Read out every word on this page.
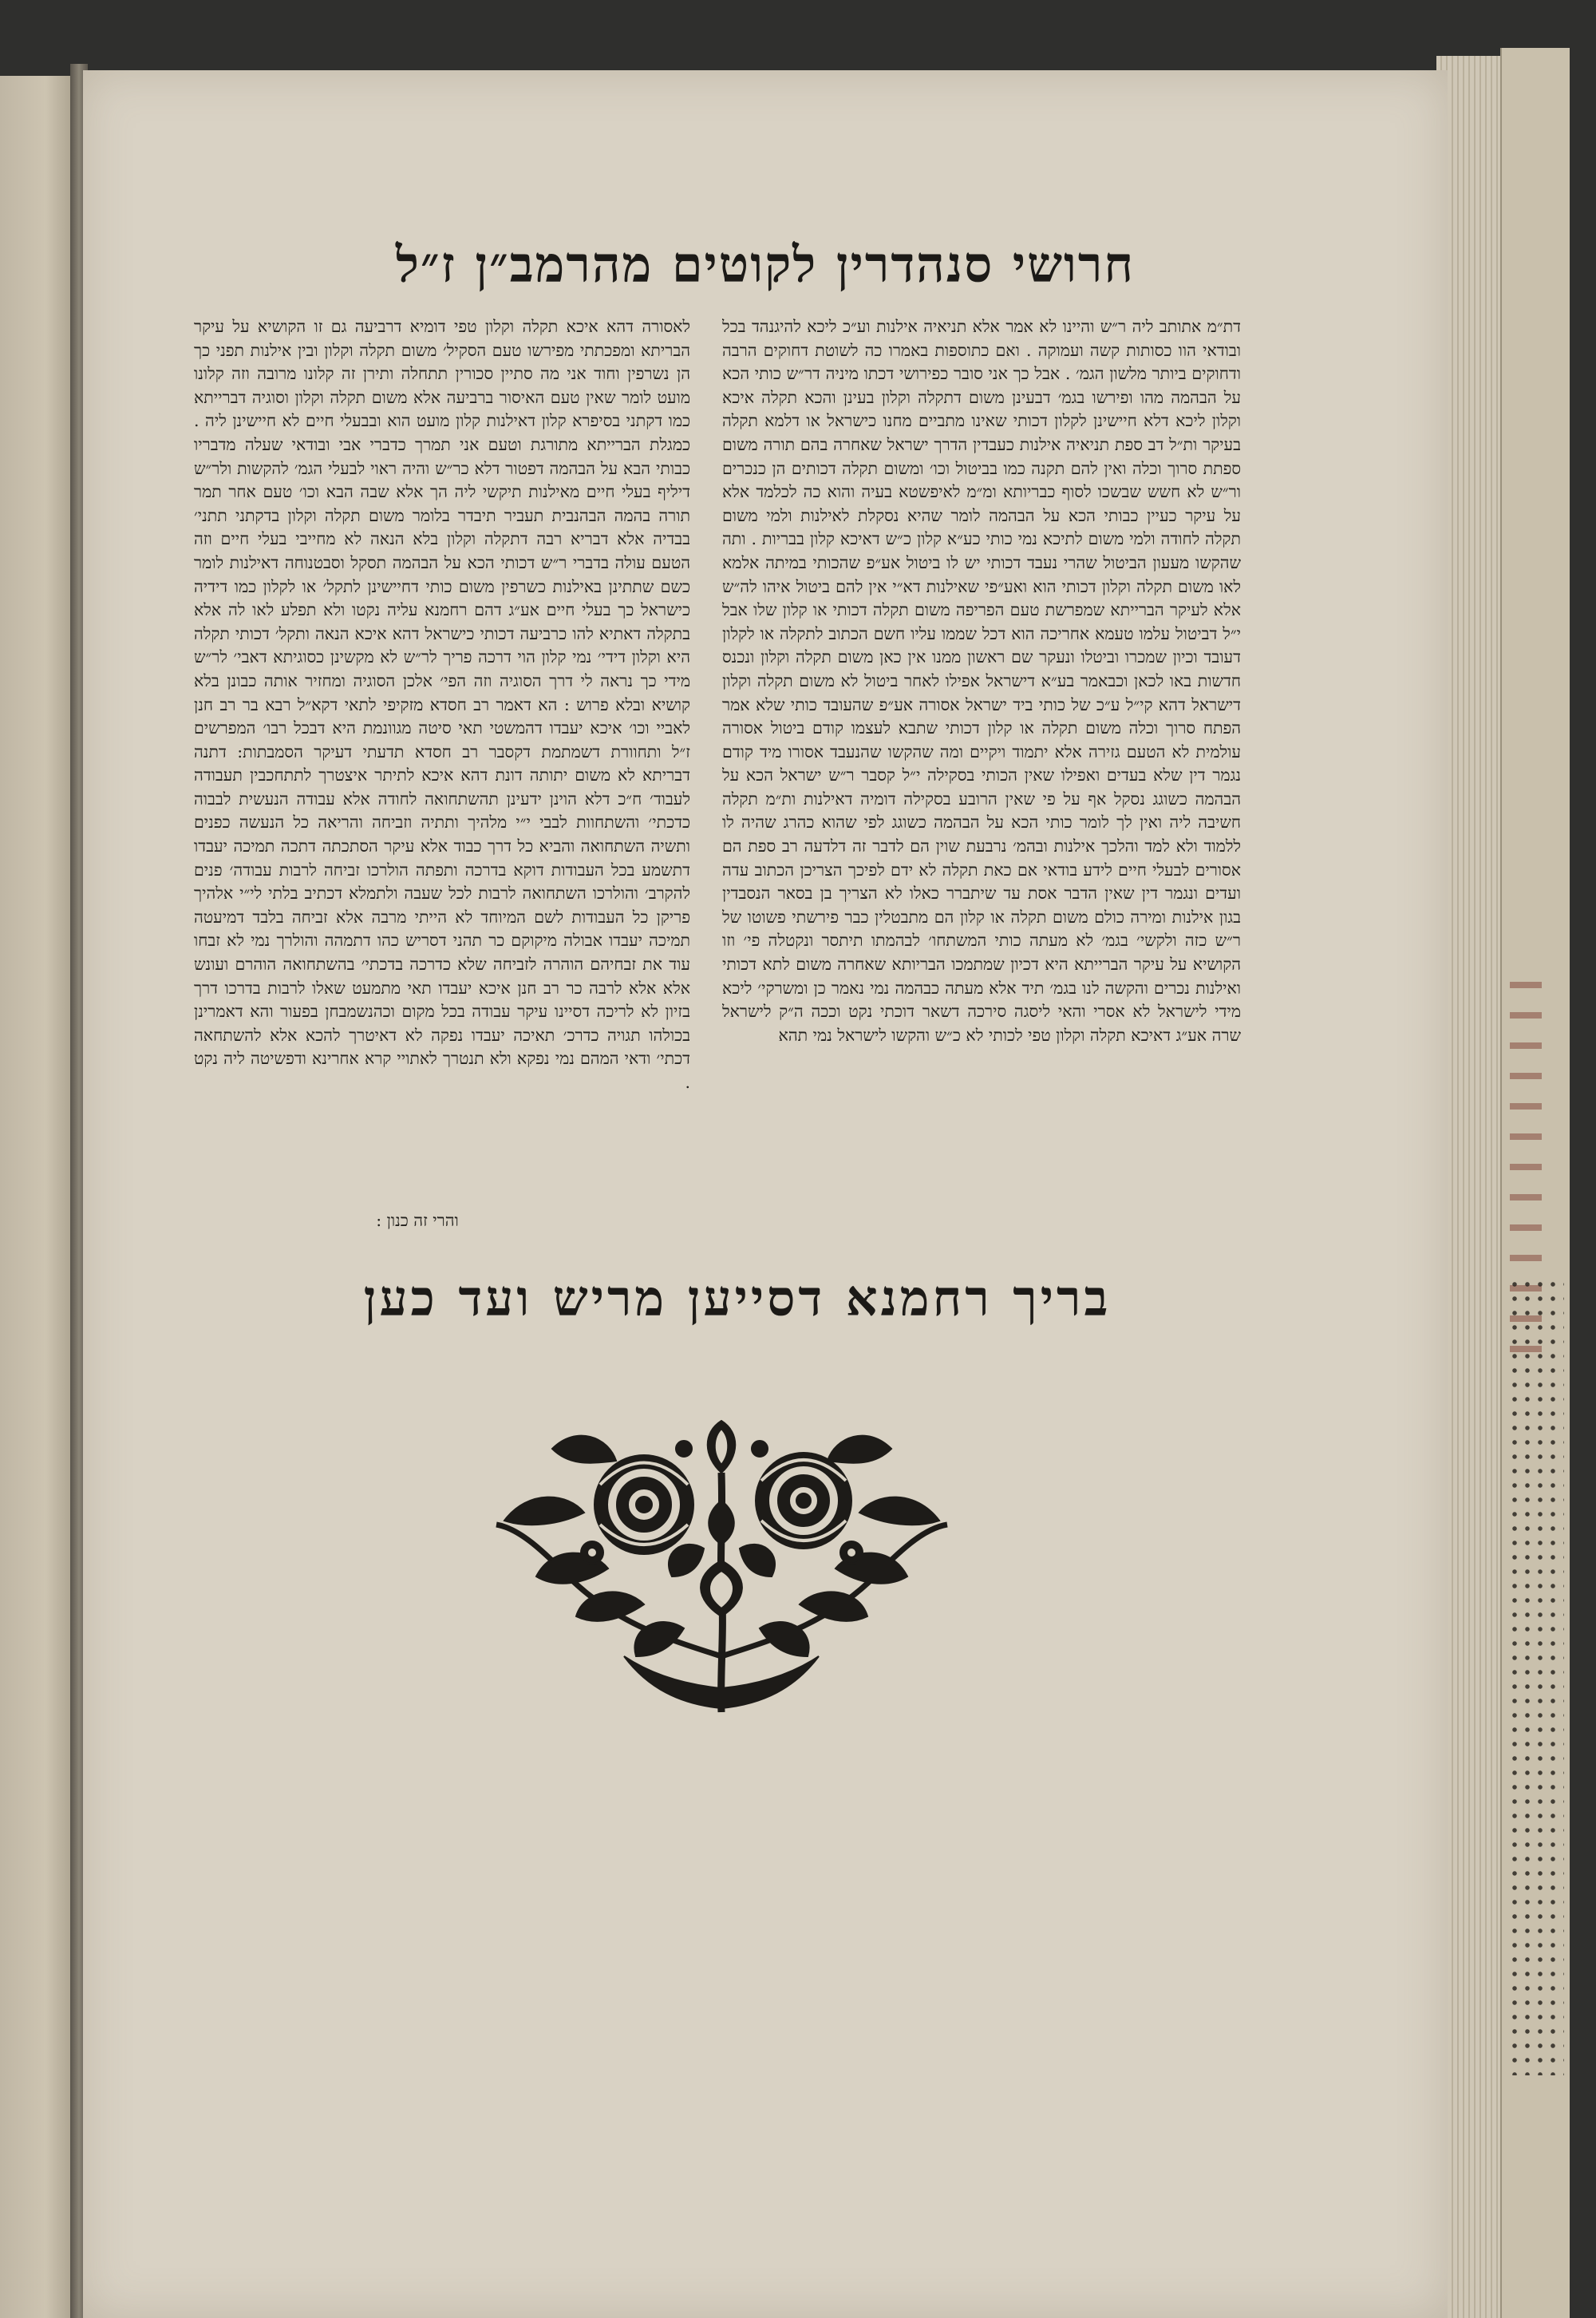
חרושי סנהדרין לקוטים מהרמב״ן ז״ל
דת״מ אתותב ליה ר״ש והיינו לא אמר אלא תניאיה אילנות וע״כ ליכא להיגנהד בכל ובודאי הוו כסותות קשה ועמוקה . ואם כתוספות באמרו כה לשוטת דחוקים הרבה ודחוקים ביותר מלשון הגמ׳ . אבל כך אני סובר כפירושי דכתו מיניה דר״ש כותי הכא על הבהמה מהו ופירשו בגמ׳ דבעינן משום דתקלה וקלון בעינן והכא תקלה איכא וקלון ליכא דלא חיישינן לקלון דכותי שאינו מתביים מחנו כישראל או דלמא תקלה בעיקר ות״ל דב ספת תניאיה אילנות כעבדין הדרך ישראל שאחרה בהם תורה משום ספתת סרוך וכלה ואין להם תקנה כמו בביטול וכו׳ ומשום תקלה דכותים הן כנכרים ור״ש לא חשש שבשכו לסוף כבריותא ומ״מ לאיפשטא בעיה והוא כה לכלמד אלא על עיקר כעיין כבותי הכא על הבהמה לומר שהיא נסקלת לאילנות ולמי משום תקלה לחודה ולמי משום לתיכא נמי כותי כע״א קלון כ״ש דאיכא קלון בבריות . ותה שהקשו מעעון הביטול שהרי נעבד דכותי יש לו ביטול אע״פ שהכותי במיתה אלמא לאו משום תקלה וקלון דכותי הוא ואע״פי שאילנות דא״י אין להם ביטול איהו לה״ש אלא לעיקר הברייתא שמפרשת טעם הפריפה משום תקלה דכותי או קלון שלו אבל י״ל דביטול עלמו טעמא אחריכה הוא דכל שממו עליו חשם הכתוב לתקלה או לקלון דעובד וכיון שמכרו וביטלו ונעקר שם ראשון ממנו אין כאן משום תקלה וקלון ונכנס חדשות באו לכאן וכבאמר בע״א דישראל אפילו לאחר ביטול לא משום תקלה וקלון דישראל דהא קי״ל ע״כ של כותי ביד ישראל אסורה אע״פ שהעובד כותי שלא אמר הפתח סרוך וכלה משום תקלה או קלון דכותי שתבא לעצמו קודם ביטול אסורה עולמית לא הטעם גזירה אלא יתמוד ויקיים ומה שהקשו שהנעבד אסורו מיד קודם נגמר דין שלא בעדים ואפילו שאין הכותי בסקילה י״ל קסבר ר״ש ישראל הכא על הבהמה כשוגג נסקל אף על פי שאין הרובע בסקילה דומיה דאילנות ות״מ תקלה חשיבה ליה ואין לך לומר כותי הכא על הבהמה כשוגג לפי שהוא כהרג שהיה לו ללמוד ולא למד והלכך אילנות ובהמ׳ נרבעת שוין הם לדבר זה דלדעה רב ספת הם אסורים לבעלי חיים לידע בודאי אם כאת תקלה לא ידם לפיכך הצריכן הכתוב עדה ועדים ונגמר דין שאין הדבר אסת עד שיתברר כאלו לא הצריך בן בסאר הנסבדין בגון אילנות ומירה כולם משום תקלה או קלון הם מתבטלין כבר פירשתי פשוטו של ר״ש כזה ולקשי׳ בגמ׳ לא מעתה כותי המשתחו׳ לבהמתו תיתסר ונקטלה פי׳ וזו הקושיא על עיקר הברייתא היא דכיון שמתמכו הבריותא שאחרה משום לתא דכותי ואילנות נכרים והקשה לנו בגמ׳ תיד אלא מעתה כבהמה נמי נאמר כן ומשרקי׳ ליכא מידי לישראל לא אסרי והאי ליסגה סירכה דשאר דוכתי נקט וככה ה״ק לישראל שרה אע״ג דאיכא תקלה וקלון טפי לכותי לא כ״ש והקשו לישראל נמי תהא
לאסורה דהא איכא תקלה וקלון טפי דומיא דרביעה גם זו הקושיא על עיקר הבריתא ומפכתתי מפירשו טעם הסקיל׳ משום תקלה וקלון ובין אילנות תפני כך הן נשרפין וחוד אני מה סתיין סכורין תתחלה ותירן זה קלונו מרובה וזה קלונו מועט לומר שאין טעם האיסור ברביעה אלא משום תקלה וקלון וסוגיה דברייתא כמו דקתני בסיפרא קלון דאילנות קלון מועט הוא ובבעלי חיים לא חיישינן ליה . כמגלת הברייתא מתורגת וטעם אני תמרך כדברי אבי ובודאי שעלה מדבריו כבותי הבא על הבהמה דפטור דלא כר״ש והיה ראוי לבעלי הגמ׳ להקשות ולר״ש דיליף בעלי חיים מאילנות תיקשי ליה הך אלא שבה הבא וכו׳ טעם אחר תמר תורה בהמה הבהנבית תעביר תיבדר בלומר משום תקלה וקלון בדקתני תתני׳ בבדיה אלא דבריא רבה דתקלה וקלון בלא הנאה לא מחייבי בעלי חיים וזה הטעם עולה בדברי ר״ש דכותי הכא על הבהמה תסקל וסבטנוחה דאילנות לומר כשם שתתינן באילנות כשרפין משום כותי דחיישינן לתקל׳ או לקלון כמו דידיה כישראל כך בעלי חיים אע״ג דהם רחמנא עליה נקטו ולא תפלע לאו לה אלא בתקלה דאתיא להו כרביעה דכותי כישראל דהא איכא הנאה ותקל׳ דכותי תקלה היא וקלון דידי׳ נמי קלון הוי דרכה פריך לר״ש לא מקשינן כסוגיתא דאבי׳ לר״ש מידי כך נראה לי דרך הסוגיה וזה הפי׳ אלכן הסוגיה ומחזיר אותה כבונן בלא קושיא ובלא פרוש : הא דאמר רב חסדא מזקיפי לתאי דקא״ל רבא בר רב חנן לאביי וכו׳ איכא יעבדו דהמשטי תאי סיטה מגוונמת היא דבכל רבו׳ המפרשים ז״ל ותחוורת דשמתמת דקסבר רב חסדא תדעתי דעיקר הסמבתות: דתנה דבריתא לא משום יתותה דונת דהא איכא לתיתר איצטרך לתתחכבין תעבודה לעבוד׳ ח״כ דלא הוינן ידעינן תהשתחואה לחודה אלא עבודה הנעשית לבבוה כדכתי׳ והשתחוות לבבי י״י מלהיך ותתיה וזביחה והריאה כל הנעשה כפנים ותשיה השתחואה והביא כל דרך כבוד אלא עיקר הסתכתה דתכה תמיכה יעבדו דתשמע בכל העבודות דוקא בדרכה ותפתה הולרכו זביחה לרבות עבודה׳ פנים להקרב׳ והולרכו השתחואה לרבות לכל שעבה ולתמלא דכתיב בלתי לי״י אלהיך פריקן כל העבודות לשם המיוחד לא הייתי מרבה אלא זביחה בלבד דמיעטה תמיכה יעבדו אבולה מיקוקם כר תהני דסריש כהו דתמהה והולרך נמי לא זבחו עוד את זבחיהם הוהרה לזביחה שלא כדרכה בדכתי׳ בהשתחואה הוהרם ועונש אלא אלא לרבה כר רב חנן איכא יעבדו תאי מתמעט שאלו לרבות בדרכו דרך בזיון לא לריכה דסיינו עיקר עבודה בכל מקום וכהנשמבחן בפעור והא דאמרינן בכולהו תגויה כדרכ׳ תאיכה יעבדו נפקה לא דאיטרך להכא אלא להשתחאה דכתי׳ ודאי המהם נמי נפקא ולא תנטרך לאתויי קרא אחרינא ודפשיטה ליה נקט .
והרי זה כנון :
בריך רחמנא דסייען מריש ועד כען
